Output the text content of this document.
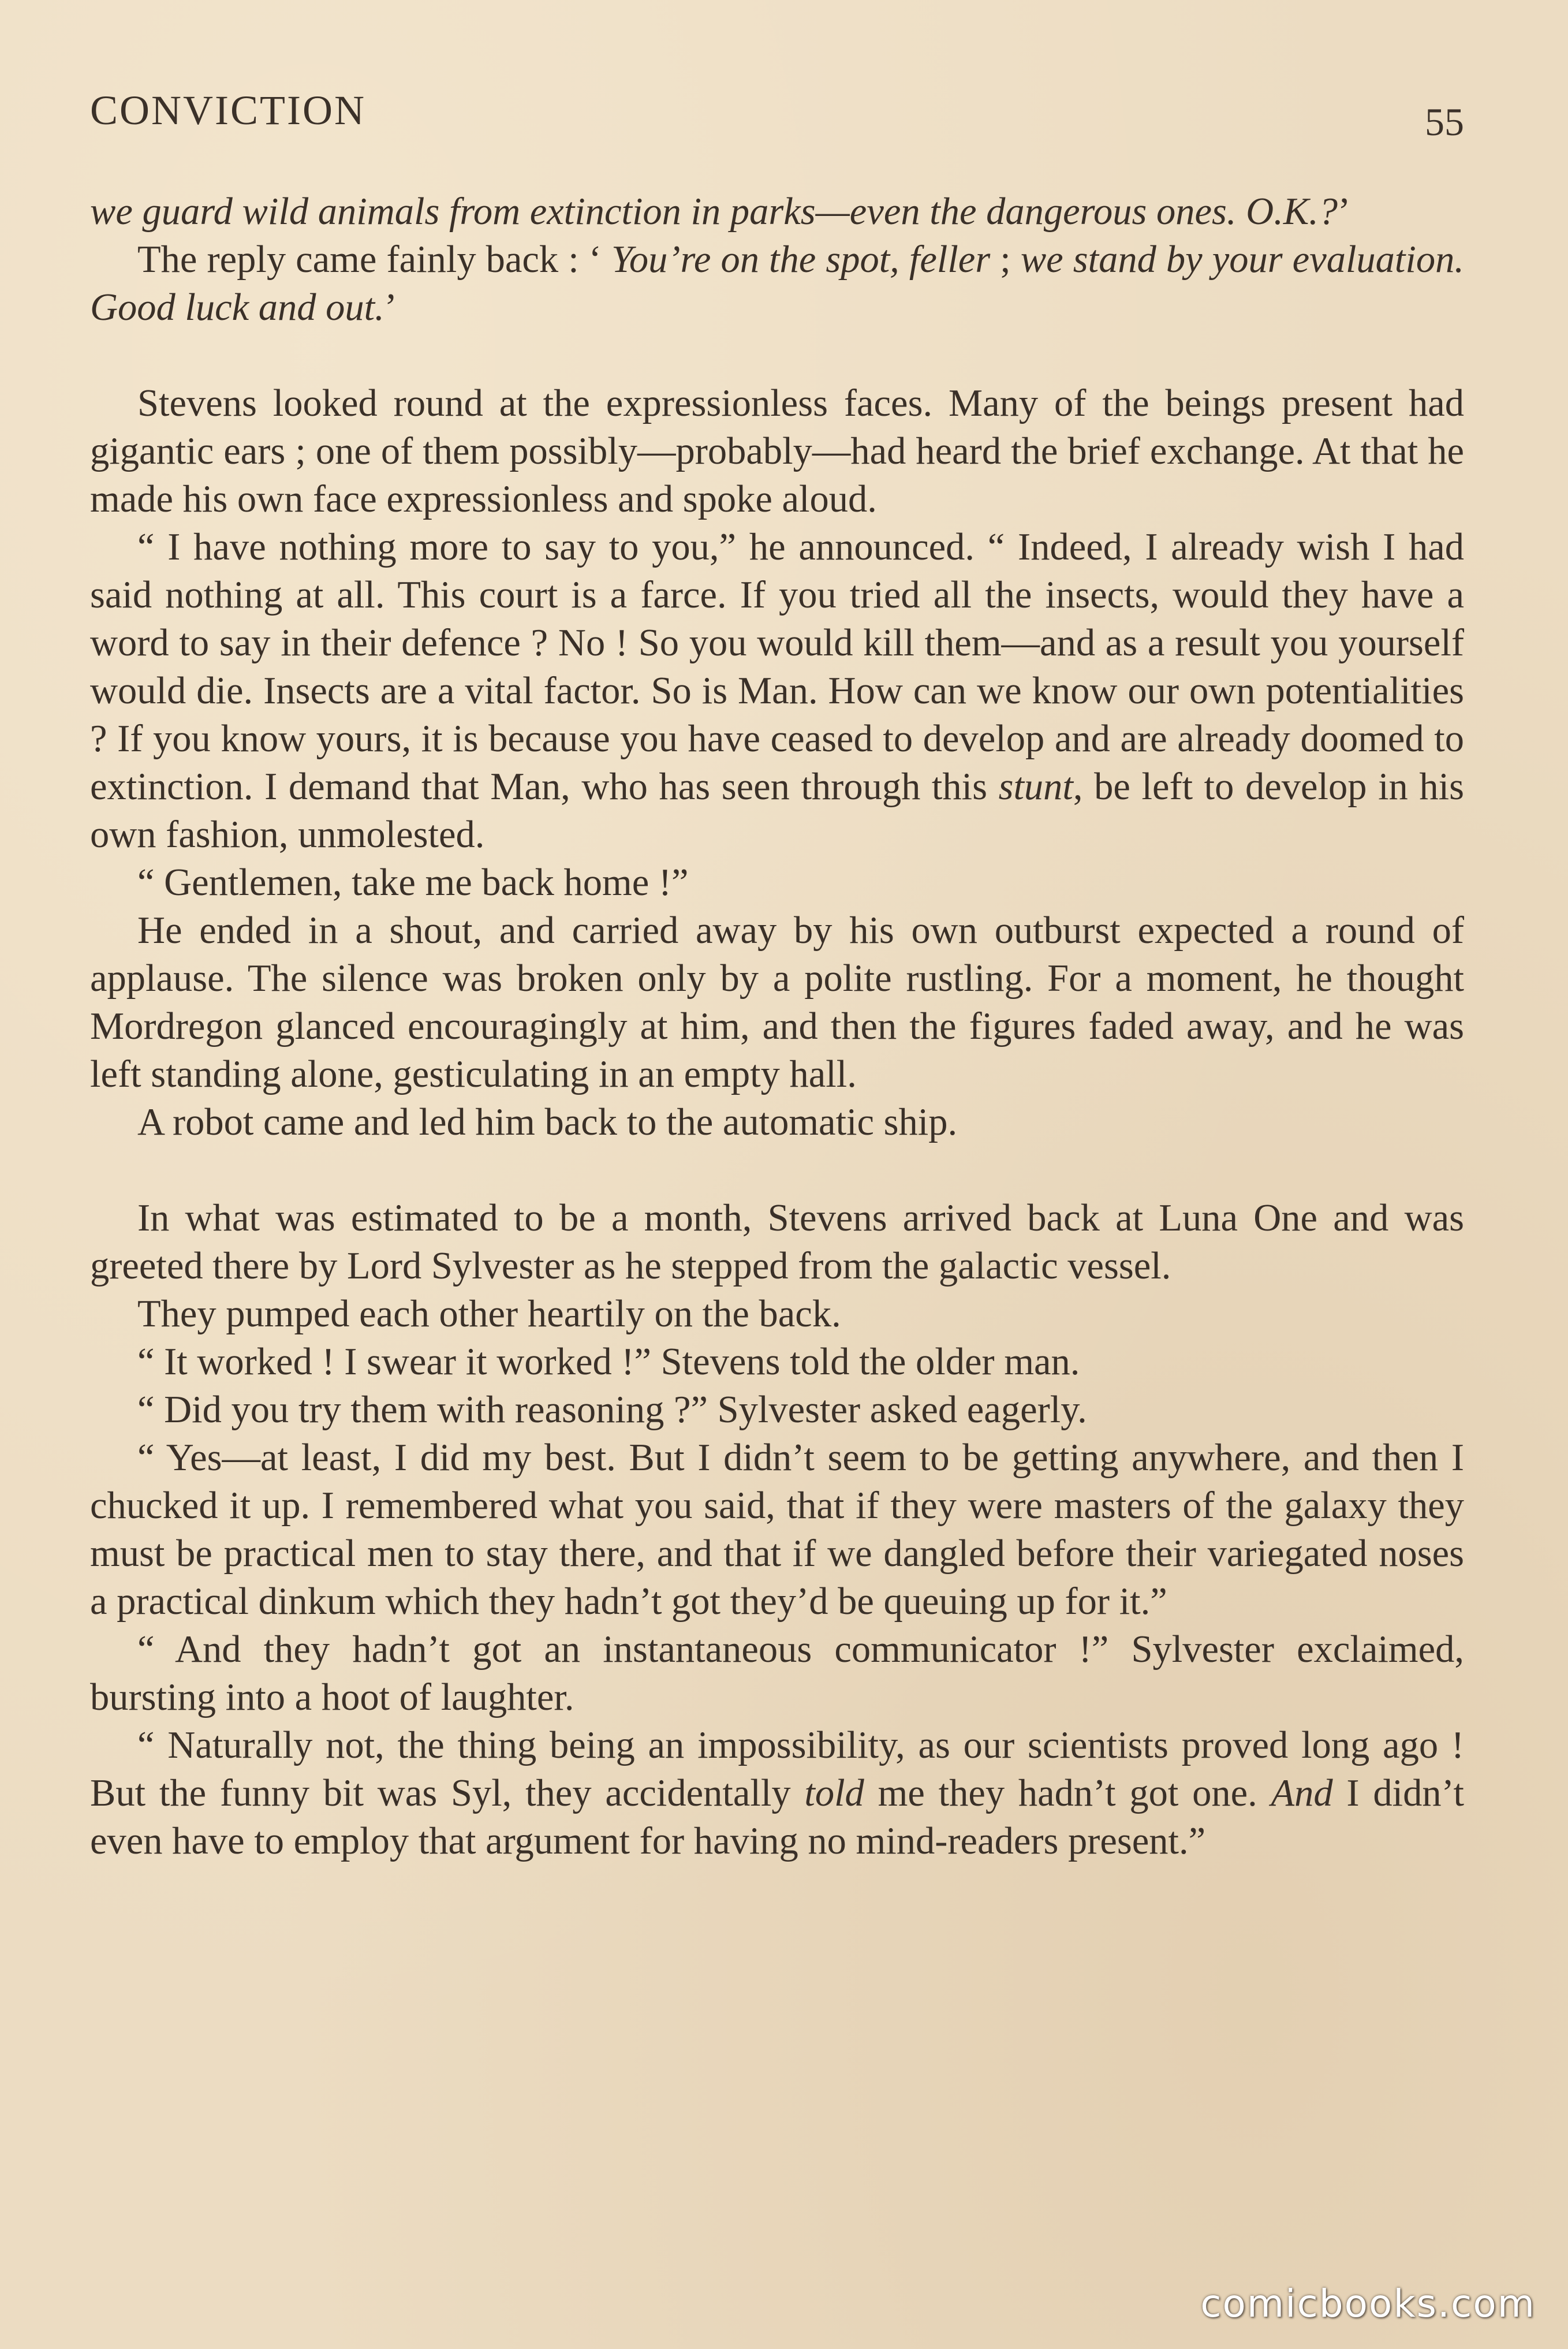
CONVICTION	55

we guard wild animals from extinction in parks—even the dangerous ones. O.K.?’

The reply came fainly back : ‘ You’re on the spot, feller ; we stand by your evaluation. Good luck and out.’

Stevens looked round at the expressionless faces. Many of the beings present had gigantic ears ; one of them possibly—probably—had heard the brief exchange. At that he made his own face expressionless and spoke aloud.

“ I have nothing more to say to you,” he announced. “ Indeed, I already wish I had said nothing at all. This court is a farce. If you tried all the insects, would they have a word to say in their defence ? No ! So you would kill them—and as a result you yourself would die. Insects are a vital factor. So is Man. How can we know our own potentialities ? If you know yours, it is because you have ceased to develop and are already doomed to extinction. I demand that Man, who has seen through this stunt, be left to develop in his own fashion, unmolested.

“ Gentlemen, take me back home !”

He ended in a shout, and carried away by his own outburst expected a round of applause. The silence was broken only by a polite rustling. For a moment, he thought Mordregon glanced encouragingly at him, and then the figures faded away, and he was left standing alone, gesticulating in an empty hall.

A robot came and led him back to the automatic ship.

In what was estimated to be a month, Stevens arrived back at Luna One and was greeted there by Lord Sylvester as he stepped from the galactic vessel.

They pumped each other heartily on the back.

“ It worked ! I swear it worked !” Stevens told the older man.

“ Did you try them with reasoning ?” Sylvester asked eagerly.

“ Yes—at least, I did my best. But I didn’t seem to be getting anywhere, and then I chucked it up. I remembered what you said, that if they were masters of the galaxy they must be practical men to stay there, and that if we dangled before their variegated noses a practical dinkum which they hadn’t got they’d be queuing up for it.”

“ And they hadn’t got an instantaneous communicator !” Sylvester exclaimed, bursting into a hoot of laughter.

“ Naturally not, the thing being an impossibility, as our scientists proved long ago ! But the funny bit was Syl, they accidentally told me they hadn’t got one. And I didn’t even have to employ that argument for having no mind-readers present.”

comicbooks.com
